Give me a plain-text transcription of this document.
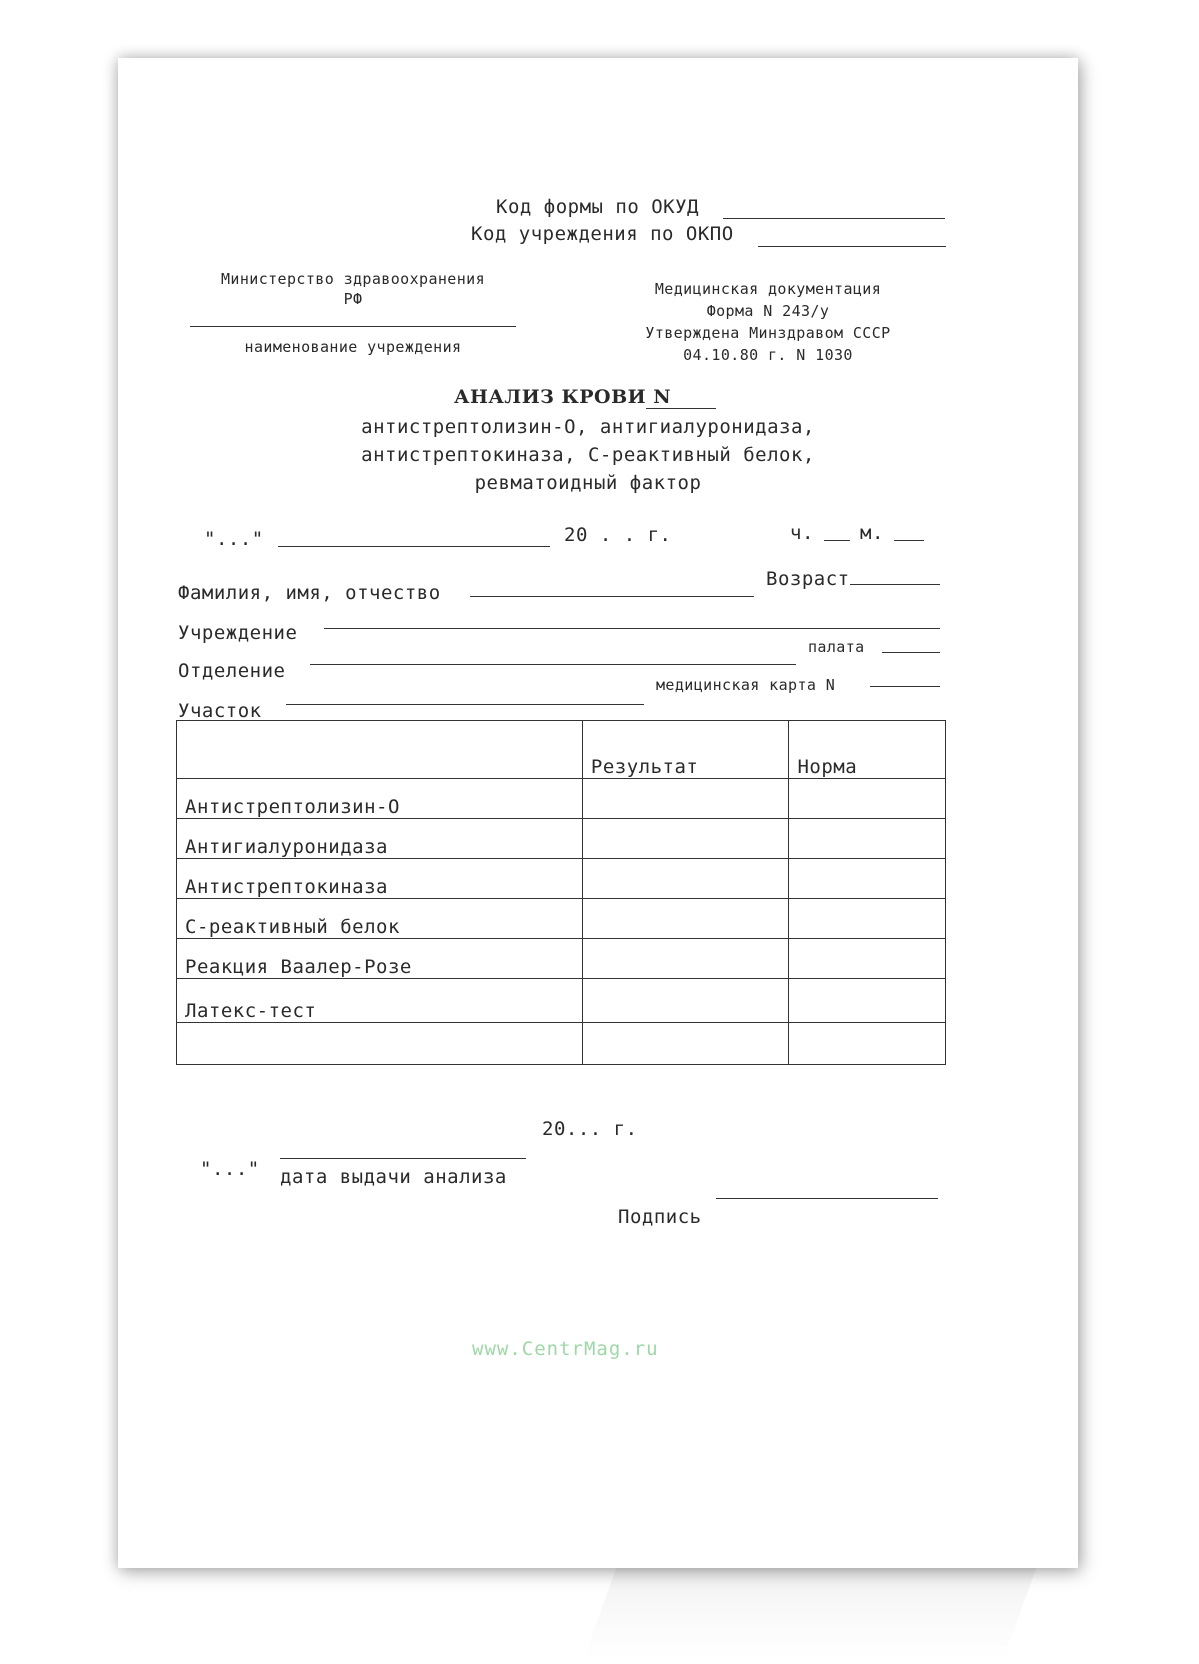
Код формы по ОКУД
Код учреждения по ОКПО
Министерство здравоохранения
РФ
наименование учреждения
Медицинская документация
Форма N 243/у
Утверждена Минздравом СССР
04.10.80 г. N 1030
АНАЛИЗ КРОВИ N
антистрептолизин-О, антигиалуронидаза,
антистрептокиназа, С-реактивный белок,
ревматоидный фактор
"..."	20 . . г.	ч. м.
Фамилия, имя, отчество
Возраст
Учреждение
Отделение
палата
Участок
медицинская карта N
	Результат	Норма
Антистрептолизин-О		
Антигиалуронидаза		
Антистрептокиназа		
С-реактивный белок		
Реакция Ваалер-Розе		
Латекс-тест		

20... г.
"..." дата выдачи анализа
Подпись
www.CentrMag.ru
